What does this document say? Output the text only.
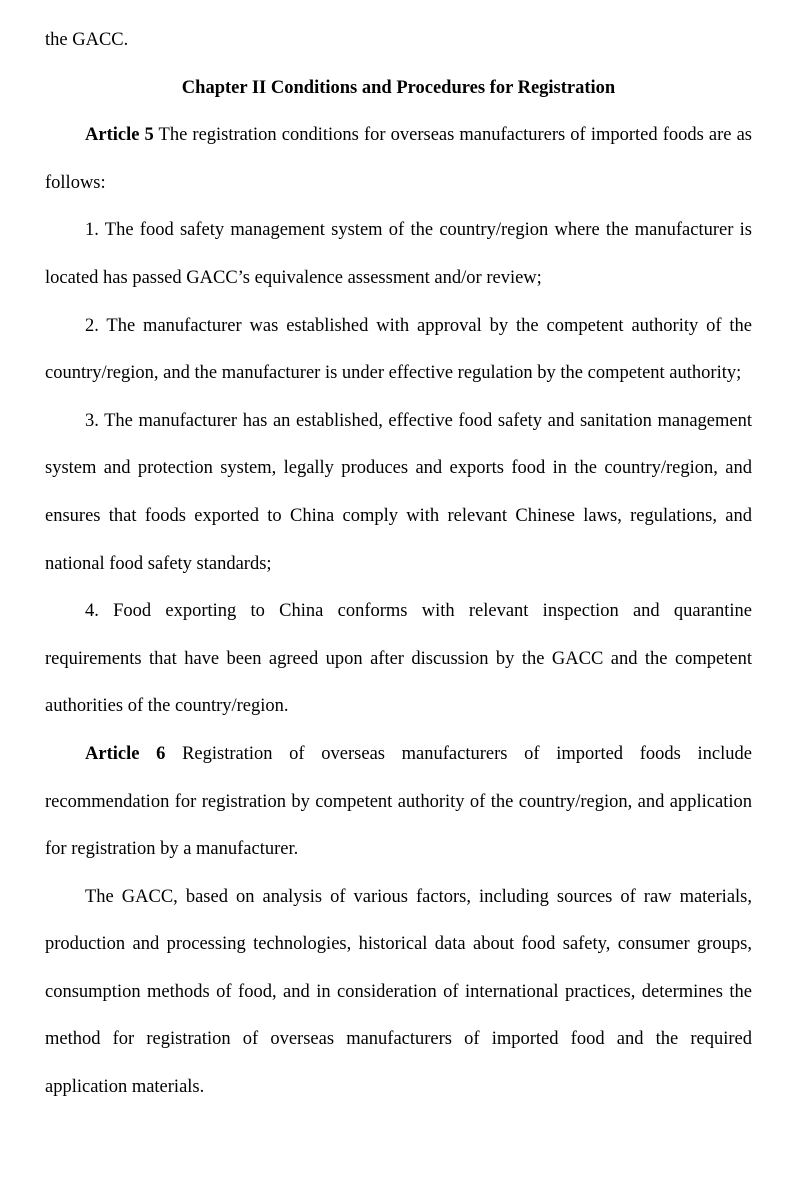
the GACC.

Chapter II Conditions and Procedures for Registration

Article 5 The registration conditions for overseas manufacturers of imported foods are as follows:

1. The food safety management system of the country/region where the manufacturer is located has passed GACC’s equivalence assessment and/or review;

2. The manufacturer was established with approval by the competent authority of the country/region, and the manufacturer is under effective regulation by the competent authority;

3. The manufacturer has an established, effective food safety and sanitation management system and protection system, legally produces and exports food in the country/region, and ensures that foods exported to China comply with relevant Chinese laws, regulations, and national food safety standards;

4. Food exporting to China conforms with relevant inspection and quarantine requirements that have been agreed upon after discussion by the GACC and the competent authorities of the country/region.

Article 6 Registration of overseas manufacturers of imported foods include recommendation for registration by competent authority of the country/region, and application for registration by a manufacturer.

The GACC, based on analysis of various factors, including sources of raw materials, production and processing technologies, historical data about food safety, consumer groups, consumption methods of food, and in consideration of international practices, determines the method for registration of overseas manufacturers of imported food and the required application materials.
